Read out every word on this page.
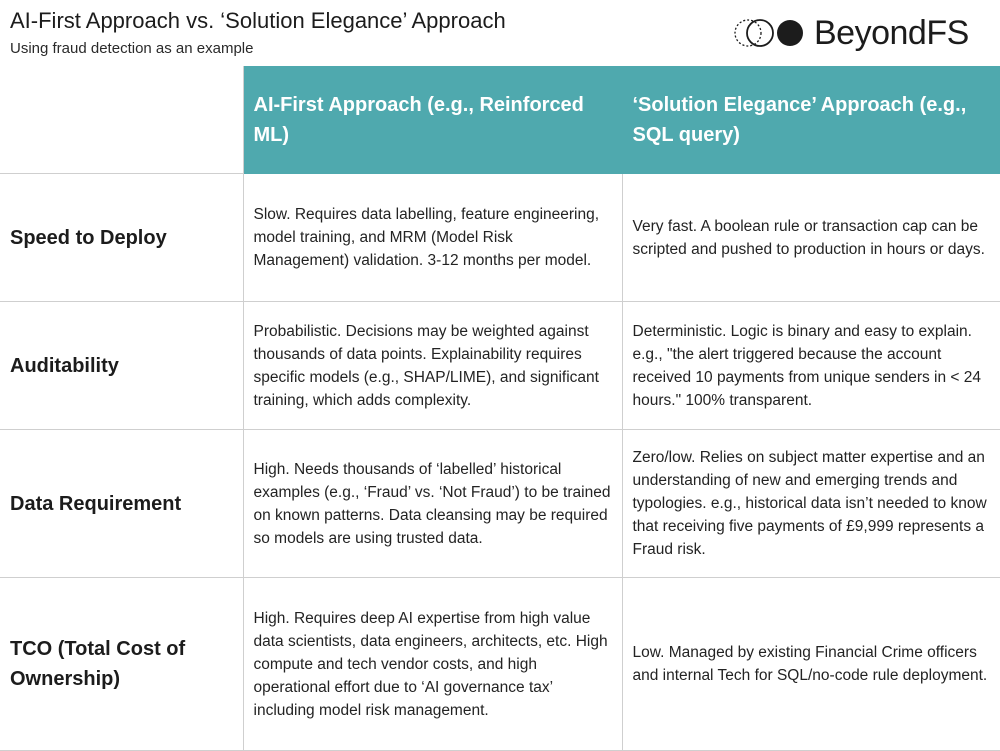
AI-First Approach vs. ‘Solution Elegance’ Approach
Using fraud detection as an example	BeyondFS
	AI-First Approach (e.g., Reinforced ML)	‘Solution Elegance’ Approach (e.g., SQL query)
Speed to Deploy	Slow. Requires data labelling, feature engineering, model training, and MRM (Model Risk Management) validation. 3-12 months per model.	Very fast. A boolean rule or transaction cap can be scripted and pushed to production in hours or days.
Auditability	Probabilistic. Decisions may be weighted against thousands of data points. Explainability requires specific models (e.g., SHAP/LIME), and significant training, which adds complexity.	Deterministic. Logic is binary and easy to explain. e.g., "the alert triggered because the account received 10 payments from unique senders in < 24 hours." 100% transparent.
Data Requirement	High. Needs thousands of ‘labelled’ historical examples (e.g., ‘Fraud’ vs. ‘Not Fraud’) to be trained on known patterns. Data cleansing may be required so models are using trusted data.	Zero/low. Relies on subject matter expertise and an understanding of new and emerging trends and typologies. e.g., historical data isn’t needed to know that receiving five payments of £9,999 represents a Fraud risk.
TCO (Total Cost of Ownership)	High. Requires deep AI expertise from high value data scientists, data engineers, architects, etc. High compute and tech vendor costs, and high operational effort due to ‘AI governance tax’ including model risk management.	Low. Managed by existing Financial Crime officers and internal Tech for SQL/no-code rule deployment.
